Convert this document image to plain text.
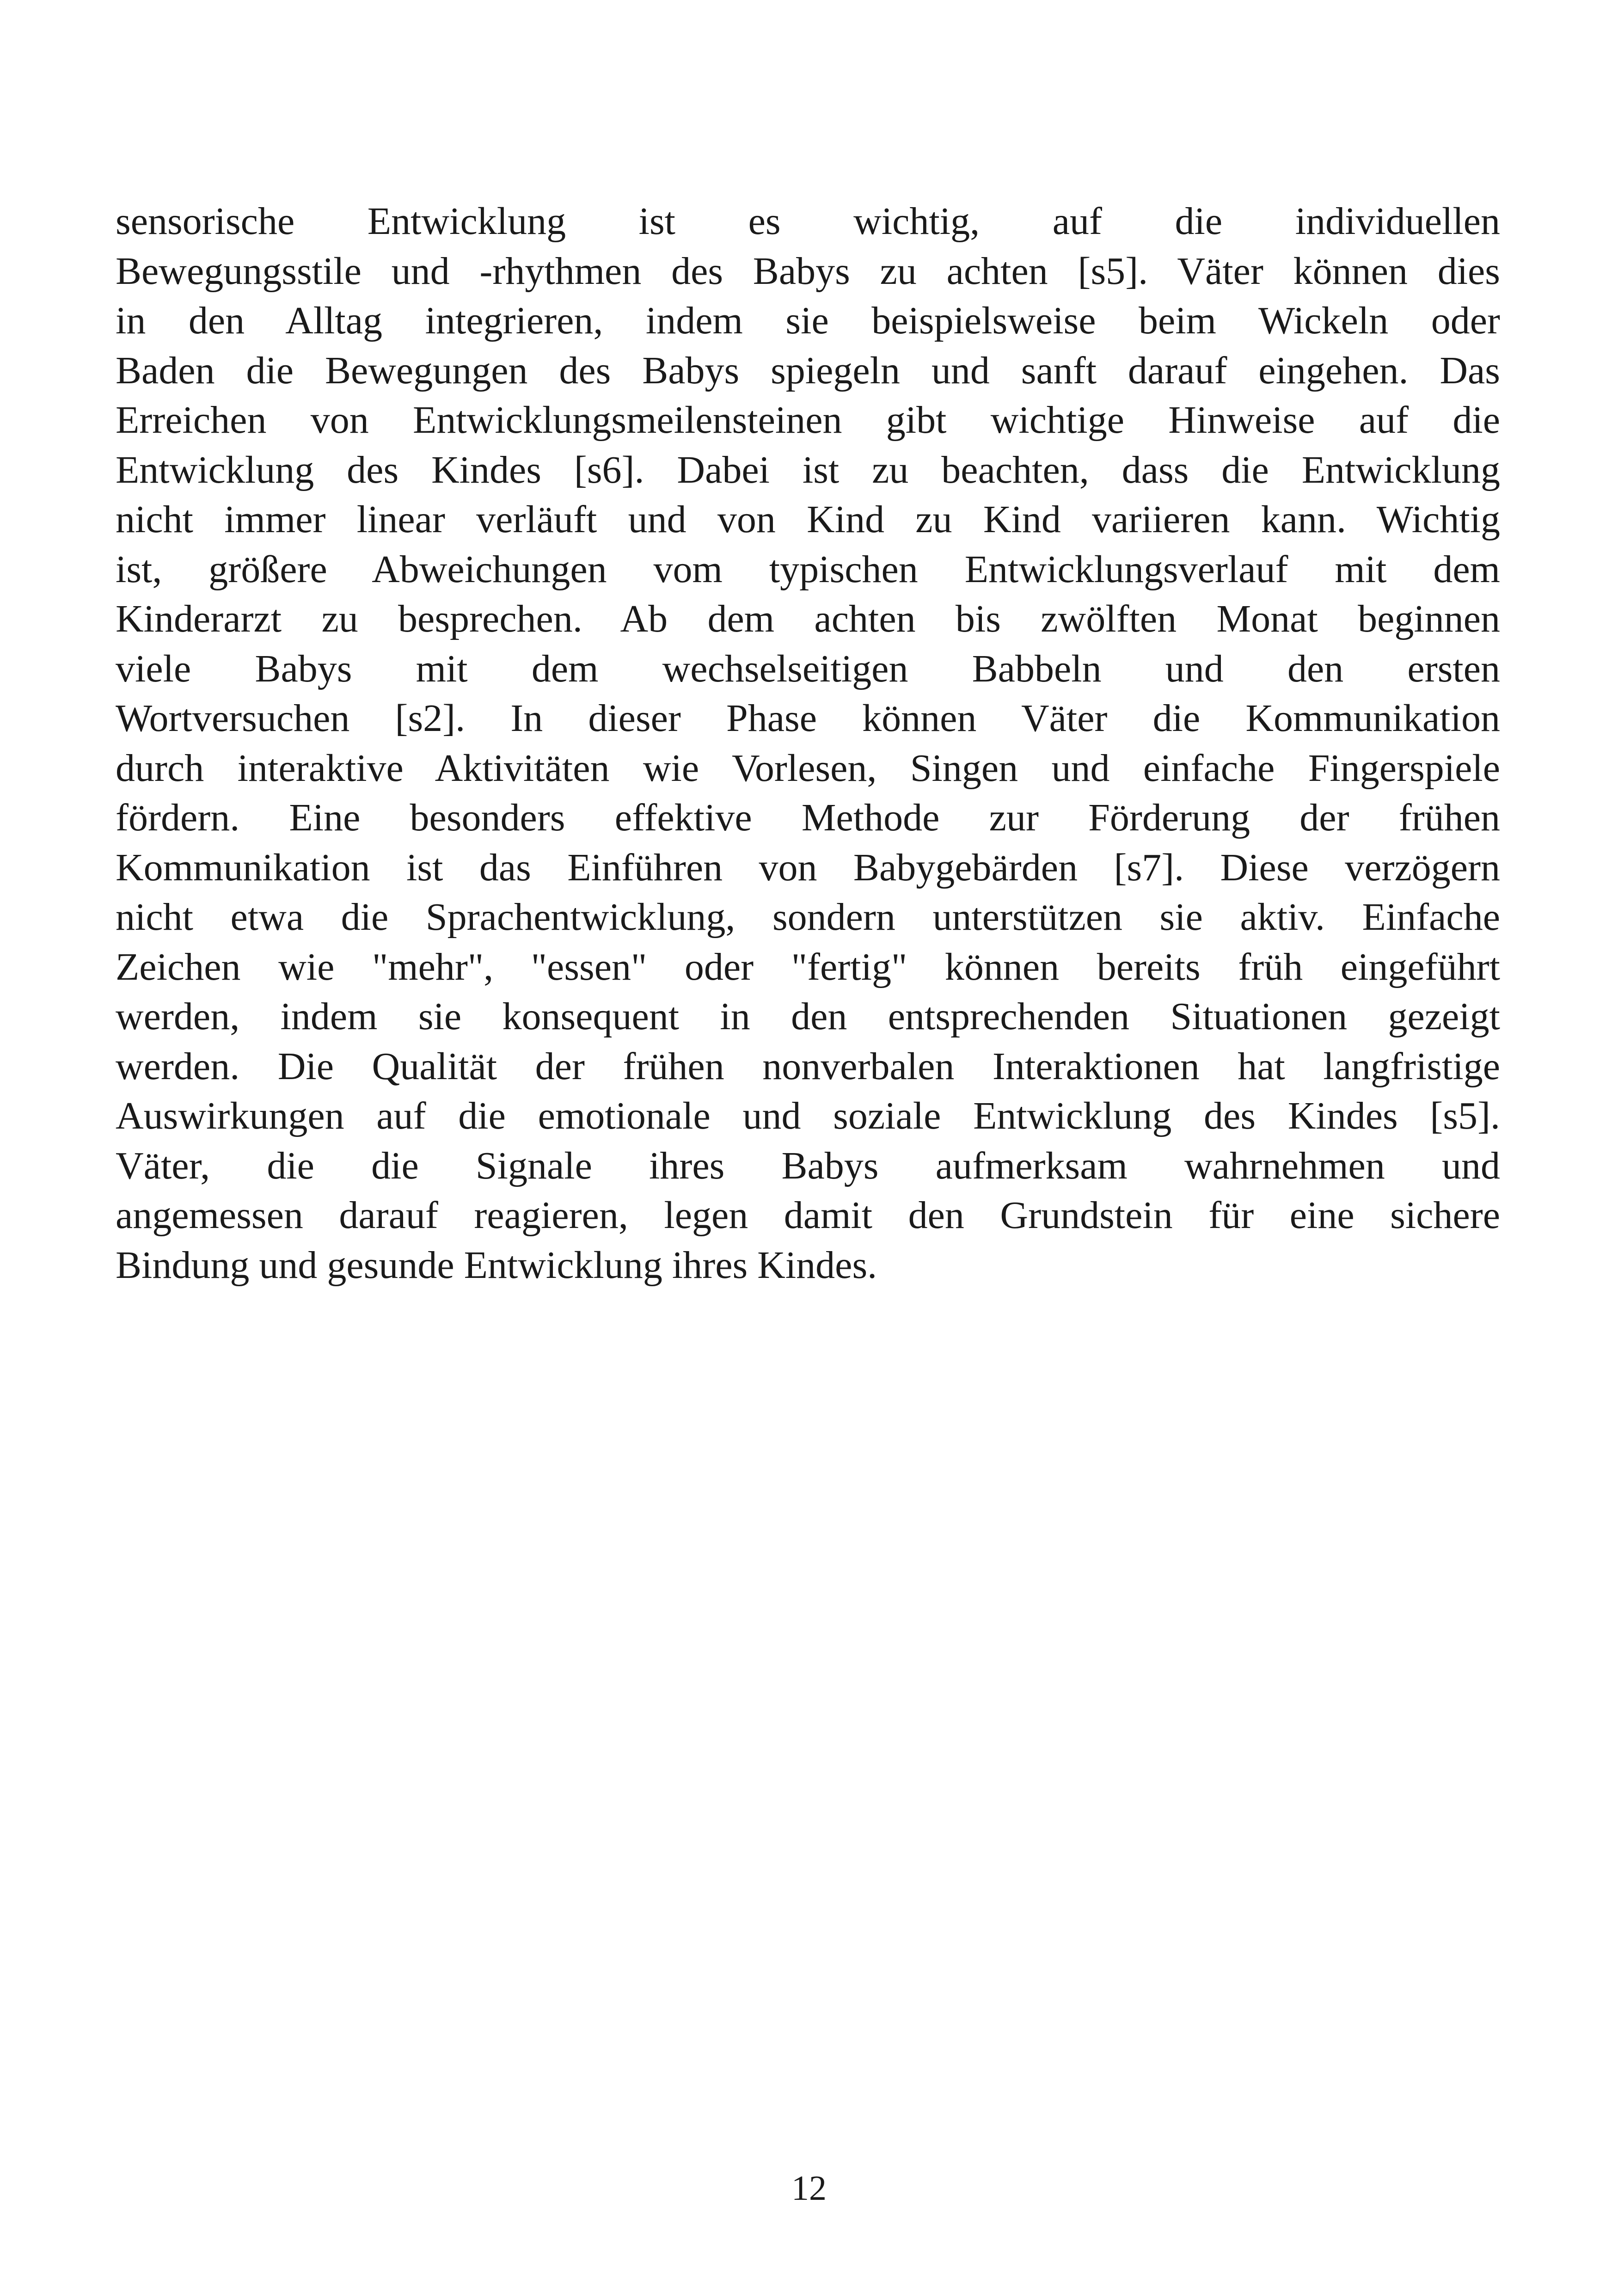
sensorische Entwicklung ist es wichtig, auf die individuellen
Bewegungsstile und -rhythmen des Babys zu achten [s5]. Väter können dies
in den Alltag integrieren, indem sie beispielsweise beim Wickeln oder
Baden die Bewegungen des Babys spiegeln und sanft darauf eingehen. Das
Erreichen von Entwicklungsmeilensteinen gibt wichtige Hinweise auf die
Entwicklung des Kindes [s6]. Dabei ist zu beachten, dass die Entwicklung
nicht immer linear verläuft und von Kind zu Kind variieren kann. Wichtig
ist, größere Abweichungen vom typischen Entwicklungsverlauf mit dem
Kinderarzt zu besprechen. Ab dem achten bis zwölften Monat beginnen
viele Babys mit dem wechselseitigen Babbeln und den ersten
Wortversuchen [s2]. In dieser Phase können Väter die Kommunikation
durch interaktive Aktivitäten wie Vorlesen, Singen und einfache Fingerspiele
fördern. Eine besonders effektive Methode zur Förderung der frühen
Kommunikation ist das Einführen von Babygebärden [s7]. Diese verzögern
nicht etwa die Sprachentwicklung, sondern unterstützen sie aktiv. Einfache
Zeichen wie "mehr", "essen" oder "fertig" können bereits früh eingeführt
werden, indem sie konsequent in den entsprechenden Situationen gezeigt
werden. Die Qualität der frühen nonverbalen Interaktionen hat langfristige
Auswirkungen auf die emotionale und soziale Entwicklung des Kindes [s5].
Väter, die die Signale ihres Babys aufmerksam wahrnehmen und
angemessen darauf reagieren, legen damit den Grundstein für eine sichere
Bindung und gesunde Entwicklung ihres Kindes.
12
